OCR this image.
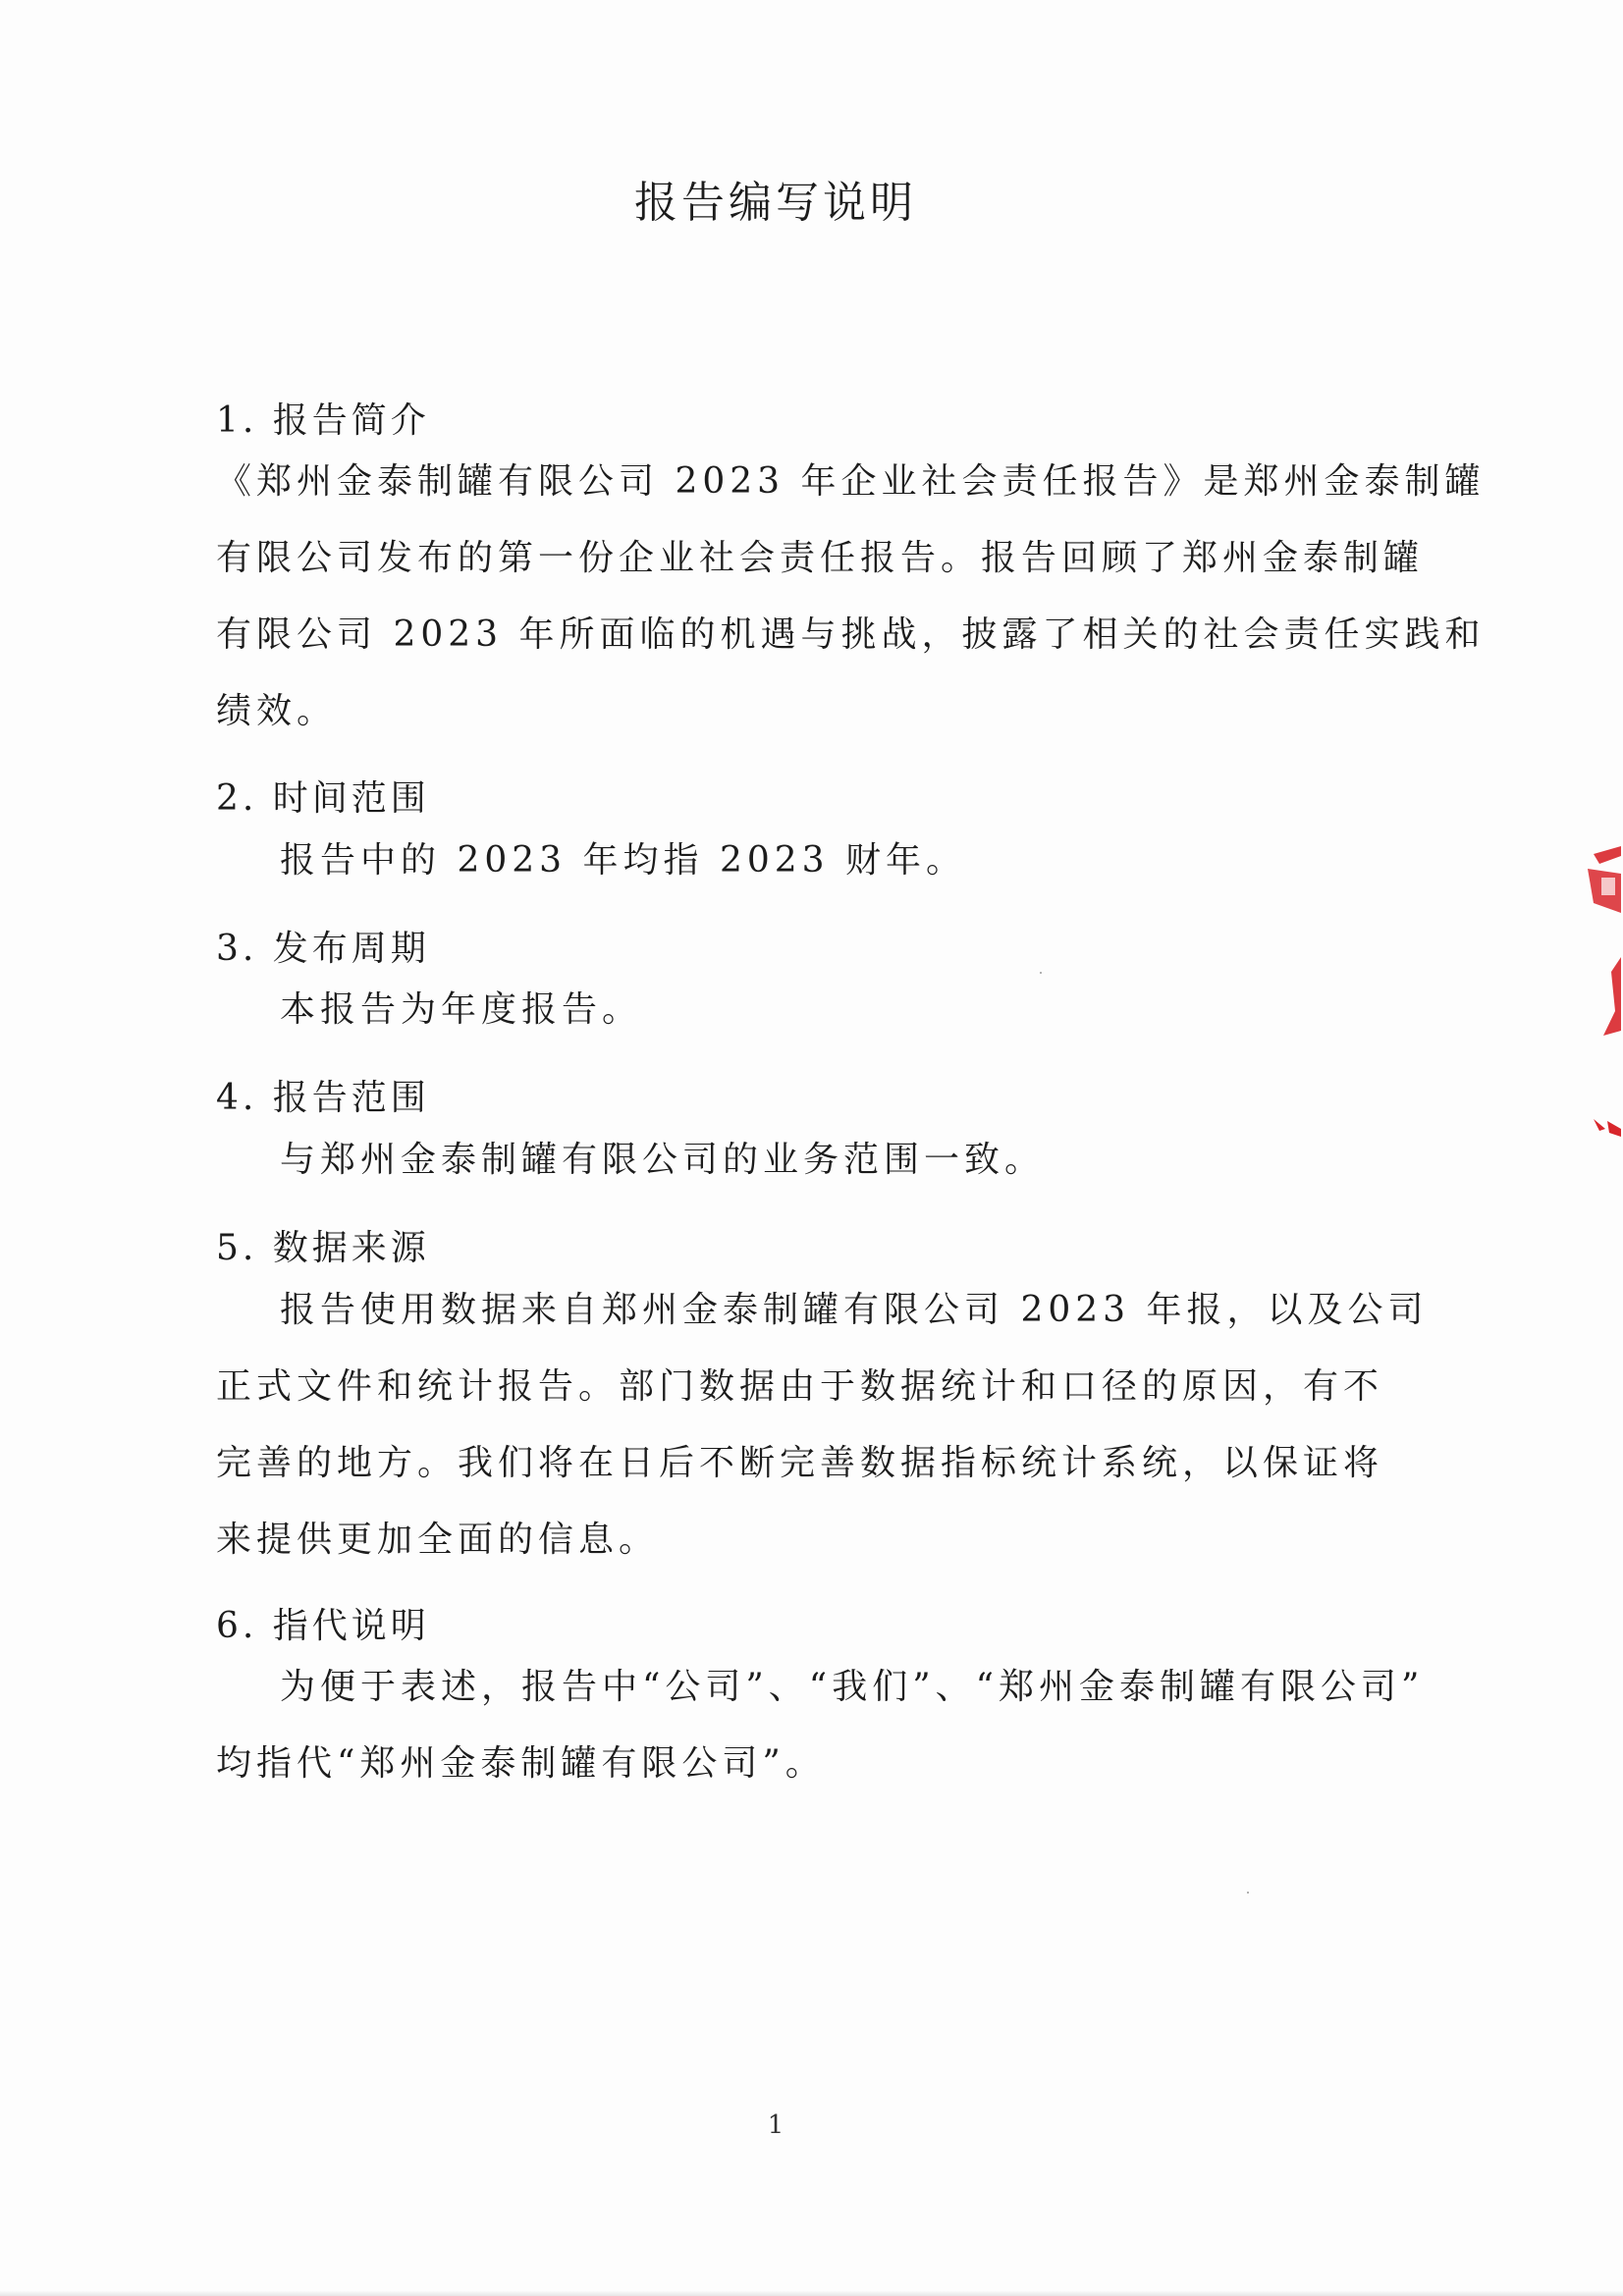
报告编写说明
1. 报告简介
《郑州金泰制罐有限公司 2023 年企业社会责任报告》是郑州金泰制罐
有限公司发布的第一份企业社会责任报告。报告回顾了郑州金泰制罐
有限公司 2023 年所面临的机遇与挑战，披露了相关的社会责任实践和
绩效。
2. 时间范围
报告中的 2023 年均指 2023 财年。
3. 发布周期
本报告为年度报告。
4. 报告范围
与郑州金泰制罐有限公司的业务范围一致。
5. 数据来源
报告使用数据来自郑州金泰制罐有限公司 2023 年报，以及公司
正式文件和统计报告。部门数据由于数据统计和口径的原因，有不
完善的地方。我们将在日后不断完善数据指标统计系统，以保证将
来提供更加全面的信息。
6. 指代说明
为便于表述，报告中“公司”、“我们”、“郑州金泰制罐有限公司”
均指代“郑州金泰制罐有限公司”。
1
